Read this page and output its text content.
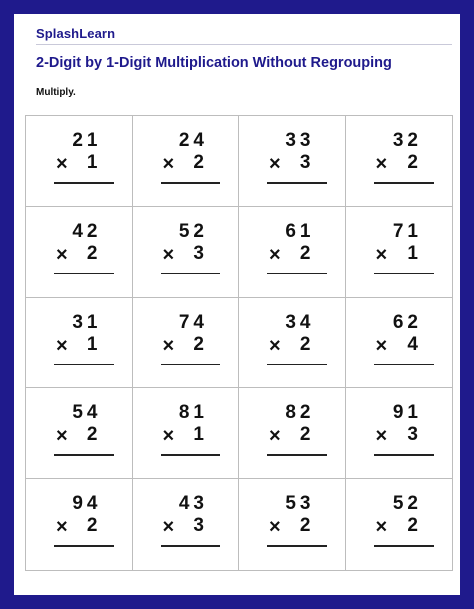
SplashLearn
2-Digit by 1-Digit Multiplication Without Regrouping
Multiply.
21
× 1
24
× 2
33
× 3
32
× 2
42
× 2
52
× 3
61
× 2
71
× 1
31
× 1
74
× 2
34
× 2
62
× 4
54
× 2
81
× 1
82
× 2
91
× 3
94
× 2
43
× 3
53
× 2
52
× 2
